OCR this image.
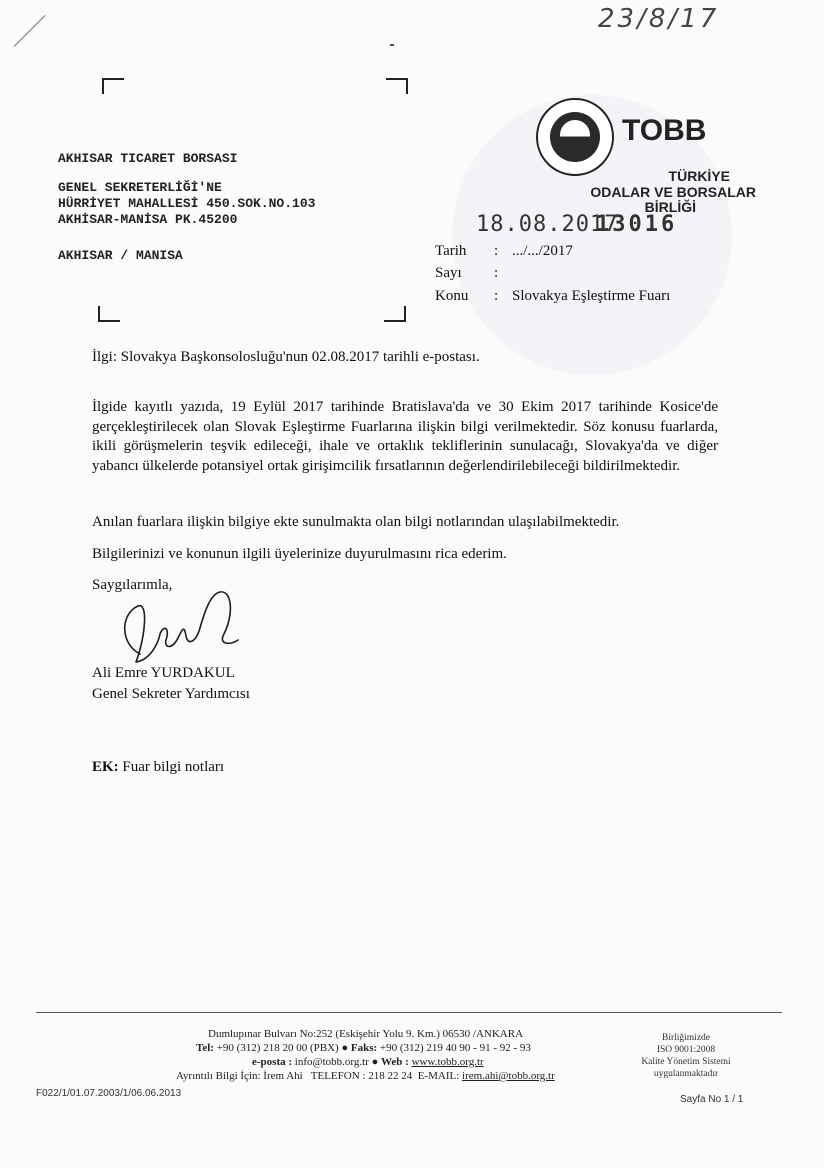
23/8/17
AKHISAR TICARET BORSASI
GENEL SEKRETERLİĞİ'NE
HÜRRİYET MAHALLESİ 450.SOK.NO.103
AKHİSAR-MANİSA PK.45200
AKHISAR / MANISA
TOBB
TÜRKİYE
ODALAR VE BORSALAR
BİRLİĞİ
18.08.2017
13016
Tarih : .../.../2017
Sayı :
Konu : Slovakya Eşleştirme Fuarı
İlgi: Slovakya Başkonsolosluğu'nun 02.08.2017 tarihli e-postası.
İlgide kayıtlı yazıda, 19 Eylül 2017 tarihinde Bratislava'da ve 30 Ekim 2017 tarihinde Kosice'de gerçekleştirilecek olan Slovak Eşleştirme Fuarlarına ilişkin bilgi verilmektedir. Söz konusu fuarlarda, ikili görüşmelerin teşvik edileceği, ihale ve ortaklık tekliflerinin sunulacağı, Slovakya'da ve diğer yabancı ülkelerde potansiyel ortak girişimcilik fırsatlarının değerlendirilebileceği bildirilmektedir.
Anılan fuarlara ilişkin bilgiye ekte sunulmakta olan bilgi notlarından ulaşılabilmektedir.
Bilgilerinizi ve konunun ilgili üyelerinize duyurulmasını rica ederim.
Saygılarımla,
Ali Emre YURDAKUL
Genel Sekreter Yardımcısı
EK: Fuar bilgi notları
Dumlupınar Bulvarı No:252 (Eskişehir Yolu 9. Km.) 06530 /ANKARA
Tel: +90 (312) 218 20 00 (PBX) ● Faks: +90 (312) 219 40 90 - 91 - 92 - 93
e-posta : info@tobb.org.tr ● Web : www.tobb.org.tr
Ayrıntılı Bilgi İçin: İrem Ahi TELEFON : 218 22 24 E-MAIL: irem.ahi@tobb.org.tr
Birliğimizde
ISO 9001:2008
Kalite Yönetim Sistemi
uygulanmaktadır
F022/1/01.07.2003/1/06.06.2013
Sayfa No 1 / 1
